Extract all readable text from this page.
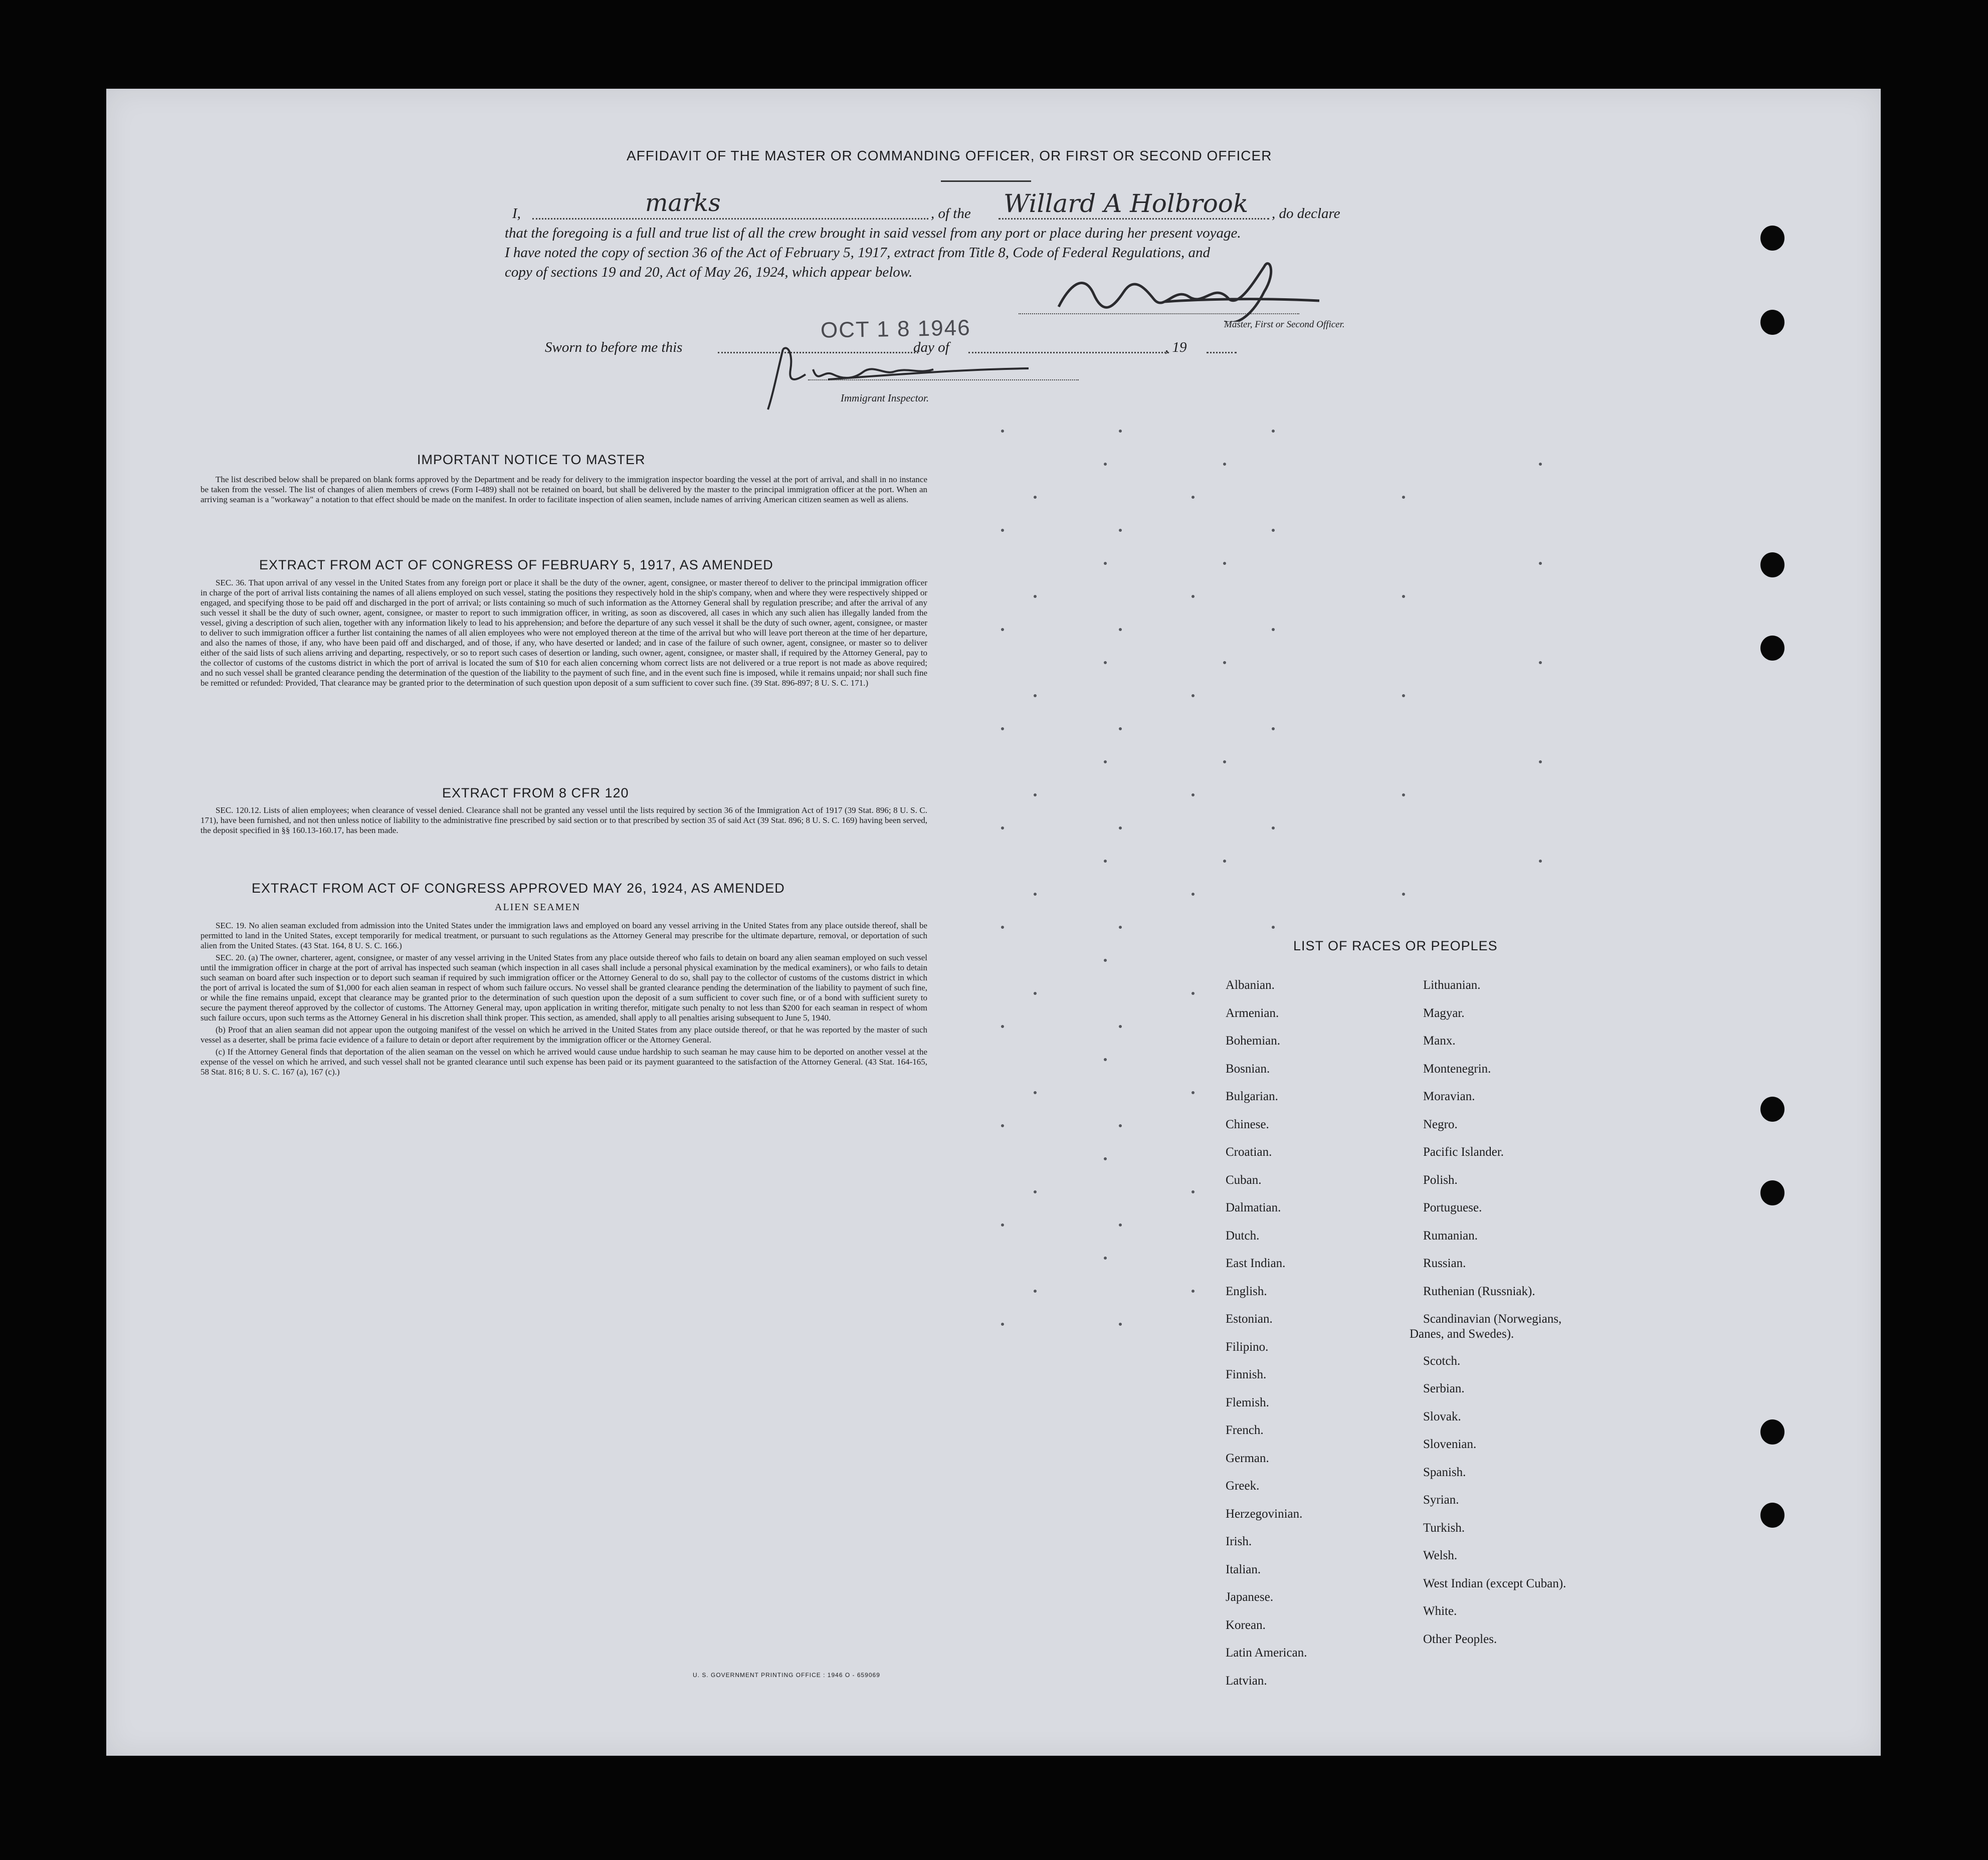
AFFIDAVIT OF THE MASTER OR COMMANDING OFFICER, OR FIRST OR SECOND OFFICER
I,	marks	, of the Willard A Holbrook , do declare
that the foregoing is a full and true list of all the crew brought in said vessel from any port or place during her present voyage.
I have noted the copy of section 36 of the Act of February 5, 1917, extract from Title 8, Code of Federal Regulations, and
copy of sections 19 and 20, Act of May 26, 1924, which appear below.
Master, First or Second Officer.
Sworn to before me this
OCT 1 8 1946
day of	, 19
Immigrant Inspector.
IMPORTANT NOTICE TO MASTER

The list described below shall be prepared on blank forms approved by the Department and be ready for delivery to the immigration inspector boarding the vessel at the port of arrival, and shall in no instance be taken from the vessel. The list of changes of alien members of crews (Form I-489) shall not be retained on board, but shall be delivered by the master to the principal immigration officer at the port. When an arriving seaman is a "workaway" a notation to that effect should be made on the manifest. In order to facilitate inspection of alien seamen, include names of arriving American citizen seamen as well as aliens.

EXTRACT FROM ACT OF CONGRESS OF FEBRUARY 5, 1917, AS AMENDED

SEC. 36. That upon arrival of any vessel in the United States from any foreign port or place it shall be the duty of the owner, agent, consignee, or master thereof to deliver to the principal immigration officer in charge of the port of arrival lists containing the names of all aliens employed on such vessel, stating the positions they respectively hold in the ship's company, when and where they were respectively shipped or engaged, and specifying those to be paid off and discharged in the port of arrival; or lists containing so much of such information as the Attorney General shall by regulation prescribe; and after the arrival of any such vessel it shall be the duty of such owner, agent, consignee, or master to report to such immigration officer, in writing, as soon as discovered, all cases in which any such alien has illegally landed from the vessel, giving a description of such alien, together with any information likely to lead to his apprehension; and before the departure of any such vessel it shall be the duty of such owner, agent, consignee, or master to deliver to such immigration officer a further list containing the names of all alien employees who were not employed thereon at the time of the arrival but who will leave port thereon at the time of her departure, and also the names of those, if any, who have been paid off and discharged, and of those, if any, who have deserted or landed; and in case of the failure of such owner, agent, consignee, or master so to deliver either of the said lists of such aliens arriving and departing, respectively, or so to report such cases of desertion or landing, such owner, agent, consignee, or master shall, if required by the Attorney General, pay to the collector of customs of the customs district in which the port of arrival is located the sum of $10 for each alien concerning whom correct lists are not delivered or a true report is not made as above required; and no such vessel shall be granted clearance pending the determination of the question of the liability to the payment of such fine, and in the event such fine is imposed, while it remains unpaid; nor shall such fine be remitted or refunded: Provided, That clearance may be granted prior to the determination of such question upon deposit of a sum sufficient to cover such fine. (39 Stat. 896-897; 8 U. S. C. 171.)

EXTRACT FROM 8 CFR 120

SEC. 120.12. Lists of alien employees; when clearance of vessel denied. Clearance shall not be granted any vessel until the lists required by section 36 of the Immigration Act of 1917 (39 Stat. 896; 8 U. S. C. 171), have been furnished, and not then unless notice of liability to the administrative fine prescribed by said section or to that prescribed by section 35 of said Act (39 Stat. 896; 8 U. S. C. 169) having been served, the deposit specified in §§ 160.13-160.17, has been made.

EXTRACT FROM ACT OF CONGRESS APPROVED MAY 26, 1924, AS AMENDED
ALIEN SEAMEN

SEC. 19. No alien seaman excluded from admission into the United States under the immigration laws and employed on board any vessel arriving in the United States from any place outside thereof, shall be permitted to land in the United States, except temporarily for medical treatment, or pursuant to such regulations as the Attorney General may prescribe for the ultimate departure, removal, or deportation of such alien from the United States. (43 Stat. 164, 8 U. S. C. 166.)

SEC. 20. (a) The owner, charterer, agent, consignee, or master of any vessel arriving in the United States from any place outside thereof who fails to detain on board any alien seaman employed on such vessel until the immigration officer in charge at the port of arrival has inspected such seaman (which inspection in all cases shall include a personal physical examination by the medical examiners), or who fails to detain such seaman on board after such inspection or to deport such seaman if required by such immigration officer or the Attorney General to do so, shall pay to the collector of customs of the customs district in which the port of arrival is located the sum of $1,000 for each alien seaman in respect of whom such failure occurs. No vessel shall be granted clearance pending the determination of the liability to payment of such fine, or while the fine remains unpaid, except that clearance may be granted prior to the determination of such question upon the deposit of a sum sufficient to cover such fine, or of a bond with sufficient surety to secure the payment thereof approved by the collector of customs. The Attorney General may, upon application in writing therefor, mitigate such penalty to not less than $200 for each seaman in respect of whom such failure occurs, upon such terms as the Attorney General in his discretion shall think proper. This section, as amended, shall apply to all penalties arising subsequent to June 5, 1940.

(b) Proof that an alien seaman did not appear upon the outgoing manifest of the vessel on which he arrived in the United States from any place outside thereof, or that he was reported by the master of such vessel as a deserter, shall be prima facie evidence of a failure to detain or deport after requirement by the immigration officer or the Attorney General.

(c) If the Attorney General finds that deportation of the alien seaman on the vessel on which he arrived would cause undue hardship to such seaman he may cause him to be deported on another vessel at the expense of the vessel on which he arrived, and such vessel shall not be granted clearance until such expense has been paid or its payment guaranteed to the satisfaction of the Attorney General. (43 Stat. 164-165, 58 Stat. 816; 8 U. S. C. 167 (a), 167 (c).)

U. S. GOVERNMENT PRINTING OFFICE : 1946 O - 659069
LIST OF RACES OR PEOPLES
Albanian.
Armenian.
Bohemian.
Bosnian.
Bulgarian.
Chinese.
Croatian.
Cuban.
Dalmatian.
Dutch.
East Indian.
English.
Estonian.
Filipino.
Finnish.
Flemish.
French.
German.
Greek.
Herzegovinian.
Irish.
Italian.
Japanese.
Korean.
Latin American.
Latvian.
Lithuanian.
Magyar.
Manx.
Montenegrin.
Moravian.
Negro.
Pacific Islander.
Polish.
Portuguese.
Rumanian.
Russian.
Ruthenian (Russniak).
Scandinavian (Norwegians,
Danes, and Swedes).
Scotch.
Serbian.
Slovak.
Slovenian.
Spanish.
Syrian.
Turkish.
Welsh.
West Indian (except Cuban).
White.
Other Peoples.
